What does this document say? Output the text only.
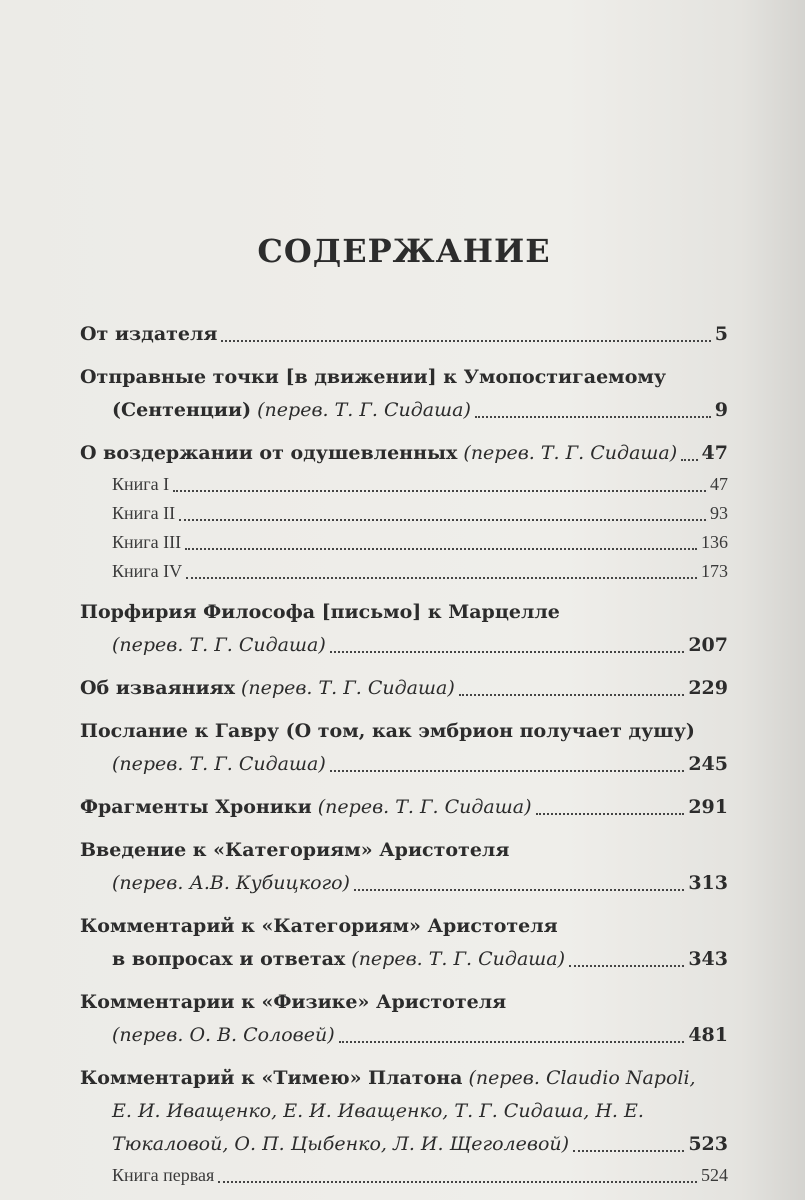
СОДЕРЖАНИЕ
От издателя	5
Отправные точки [в движении] к Умопостигаемому
(Сентенции) (перев. Т. Г. Сидаша)	9
О воздержании от одушевленных (перев. Т. Г. Сидаша) 47
Книга I	47
Книга II	93
Книга III	136
Книга IV	173
Порфирия Философа [письмо] к Марцелле
(перев. Т. Г. Сидаша)	207
Об изваяниях (перев. Т. Г. Сидаша)	229
Послание к Гавру (О том, как эмбрион получает душу)
(перев. Т. Г. Сидаша)	245
Фрагменты Хроники (перев. Т. Г. Сидаша)	291
Введение к «Категориям» Аристотеля
(перев. А.В. Кубицкого)	313
Комментарий к «Категориям» Аристотеля
в вопросах и ответах (перев. Т. Г. Сидаша)	343
Комментарии к «Физике» Аристотеля
(перев. О. В. Соловей)	481
Комментарий к «Тимею» Платона (перев. Claudio Napoli,
Е. И. Иващенко, Е. И. Иващенко, Т. Г. Сидаша, Н. Е.
Тюкаловой, О. П. Цыбенко, Л. И. Щеголевой)	523
Книга первая	524
